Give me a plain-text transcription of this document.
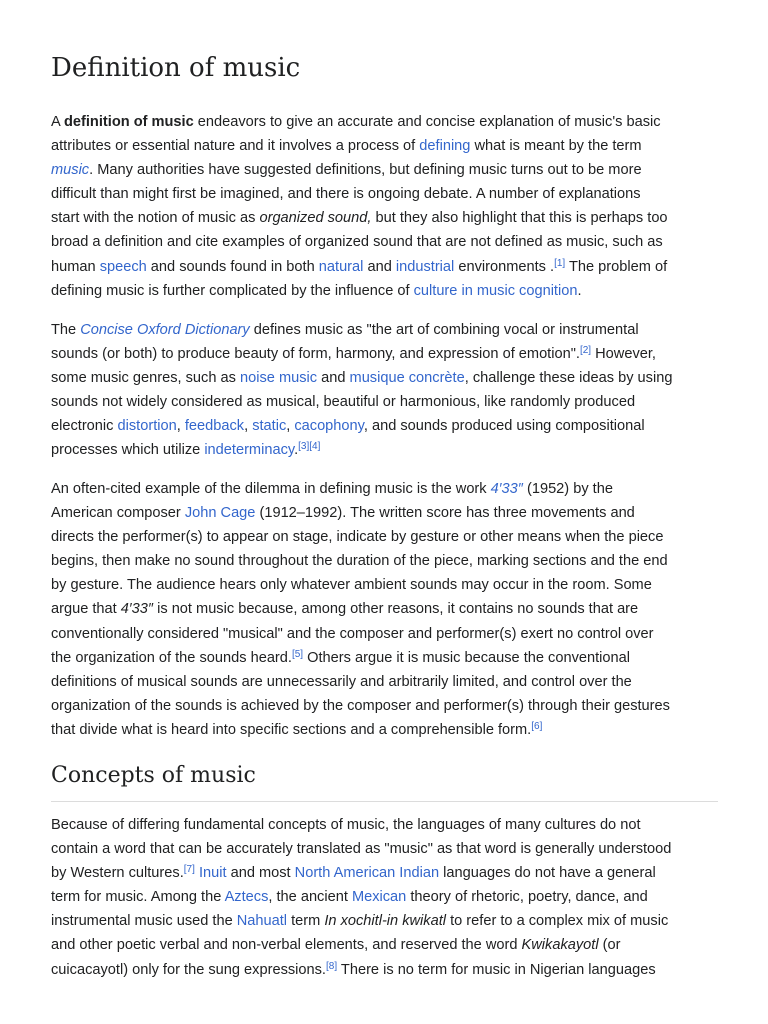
Definition of music
A definition of music endeavors to give an accurate and concise explanation of music's basic
attributes or essential nature and it involves a process of defining what is meant by the term
music. Many authorities have suggested definitions, but defining music turns out to be more
difficult than might first be imagined, and there is ongoing debate. A number of explanations
start with the notion of music as organized sound, but they also highlight that this is perhaps too
broad a definition and cite examples of organized sound that are not defined as music, such as
human speech and sounds found in both natural and industrial environments .[1] The problem of
defining music is further complicated by the influence of culture in music cognition.
The Concise Oxford Dictionary defines music as "the art of combining vocal or instrumental
sounds (or both) to produce beauty of form, harmony, and expression of emotion".[2] However,
some music genres, such as noise music and musique concrète, challenge these ideas by using
sounds not widely considered as musical, beautiful or harmonious, like randomly produced
electronic distortion, feedback, static, cacophony, and sounds produced using compositional
processes which utilize indeterminacy.[3][4]
An often-cited example of the dilemma in defining music is the work 4′33″ (1952) by the
American composer John Cage (1912–1992). The written score has three movements and
directs the performer(s) to appear on stage, indicate by gesture or other means when the piece
begins, then make no sound throughout the duration of the piece, marking sections and the end
by gesture. The audience hears only whatever ambient sounds may occur in the room. Some
argue that 4′33″ is not music because, among other reasons, it contains no sounds that are
conventionally considered "musical" and the composer and performer(s) exert no control over
the organization of the sounds heard.[5] Others argue it is music because the conventional
definitions of musical sounds are unnecessarily and arbitrarily limited, and control over the
organization of the sounds is achieved by the composer and performer(s) through their gestures
that divide what is heard into specific sections and a comprehensible form.[6]
Concepts of music
Because of differing fundamental concepts of music, the languages of many cultures do not
contain a word that can be accurately translated as "music" as that word is generally understood
by Western cultures.[7] Inuit and most North American Indian languages do not have a general
term for music. Among the Aztecs, the ancient Mexican theory of rhetoric, poetry, dance, and
instrumental music used the Nahuatl term In xochitl-in kwikatl to refer to a complex mix of music
and other poetic verbal and non-verbal elements, and reserved the word Kwikakayotl (or
cuicacayotl) only for the sung expressions.[8] There is no term for music in Nigerian languages
